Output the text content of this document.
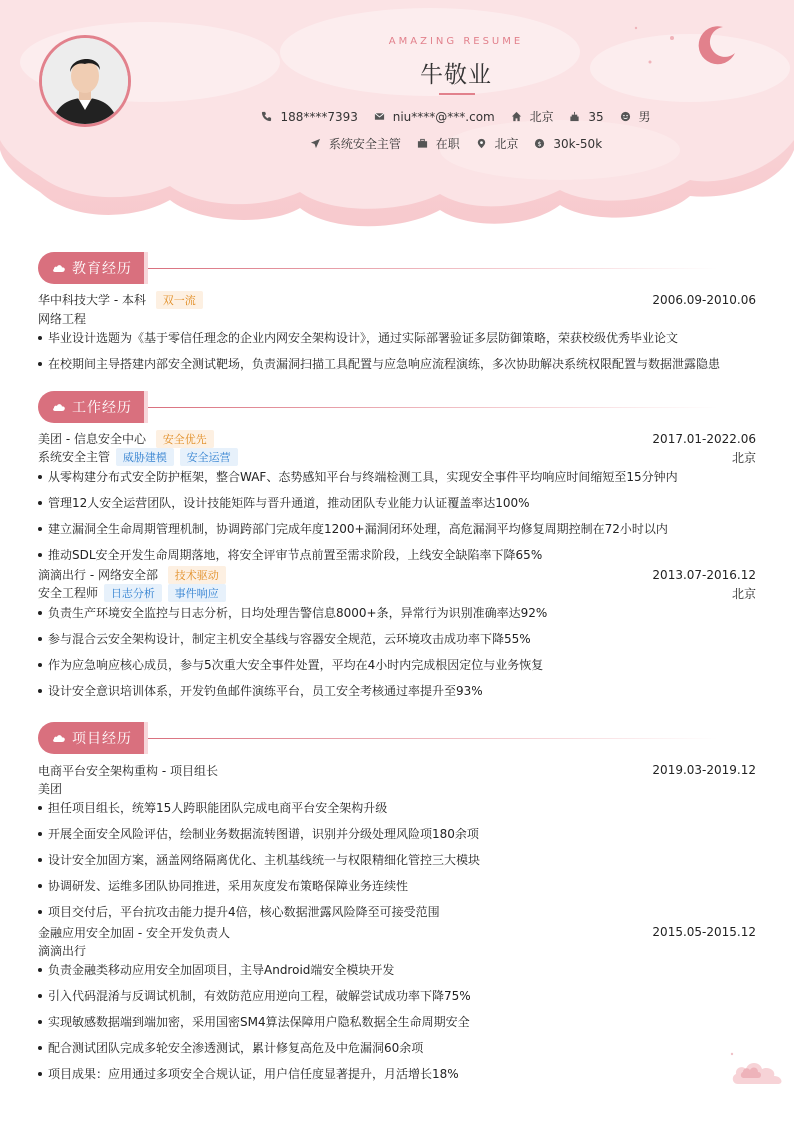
AMAZING RESUME
牛敬业
188****7393
	niu****@***.com
	北京
	35
	男
系统安全主管
	在职
	北京
	$ 30k-50k
教育经历
华中科技大学 - 本科 双一流	2006.09-2010.06
网络工程
毕业设计选题为《基于零信任理念的企业内网安全架构设计》，通过实际部署验证多层防御策略，荣获校级优秀毕业论文
在校期间主导搭建内部安全测试靶场，负责漏洞扫描工具配置与应急响应流程演练，多次协助解决系统权限配置与数据泄露隐患
工作经历
美团 - 信息安全中心 安全优先	2017.01-2022.06
系统安全主管 威胁建模 安全运营	北京
从零构建分布式安全防护框架，整合WAF、态势感知平台与终端检测工具，实现安全事件平均响应时间缩短至15分钟内
管理12人安全运营团队，设计技能矩阵与晋升通道，推动团队专业能力认证覆盖率达100%
建立漏洞全生命周期管理机制，协调跨部门完成年度1200+漏洞闭环处理，高危漏洞平均修复周期控制在72小时以内
推动SDL安全开发生命周期落地，将安全评审节点前置至需求阶段，上线安全缺陷率下降65%
滴滴出行 - 网络安全部 技术驱动	2013.07-2016.12
安全工程师 日志分析 事件响应	北京
负责生产环境安全监控与日志分析，日均处理告警信息8000+条，异常行为识别准确率达92%
参与混合云安全架构设计，制定主机安全基线与容器安全规范，云环境攻击成功率下降55%
作为应急响应核心成员，参与5次重大安全事件处置，平均在4小时内完成根因定位与业务恢复
设计安全意识培训体系，开发钓鱼邮件演练平台，员工安全考核通过率提升至93%
项目经历
电商平台安全架构重构 - 项目组长	2019.03-2019.12
美团
担任项目组长，统筹15人跨职能团队完成电商平台安全架构升级
开展全面安全风险评估，绘制业务数据流转图谱，识别并分级处理风险项180余项
设计安全加固方案，涵盖网络隔离优化、主机基线统一与权限精细化管控三大模块
协调研发、运维多团队协同推进，采用灰度发布策略保障业务连续性
项目交付后，平台抗攻击能力提升4倍，核心数据泄露风险降至可接受范围
金融应用安全加固 - 安全开发负责人	2015.05-2015.12
滴滴出行
负责金融类移动应用安全加固项目，主导Android端安全模块开发
引入代码混淆与反调试机制，有效防范应用逆向工程，破解尝试成功率下降75%
实现敏感数据端到端加密，采用国密SM4算法保障用户隐私数据全生命周期安全
配合测试团队完成多轮安全渗透测试，累计修复高危及中危漏洞60余项
项目成果：应用通过多项安全合规认证，用户信任度显著提升，月活增长18%
